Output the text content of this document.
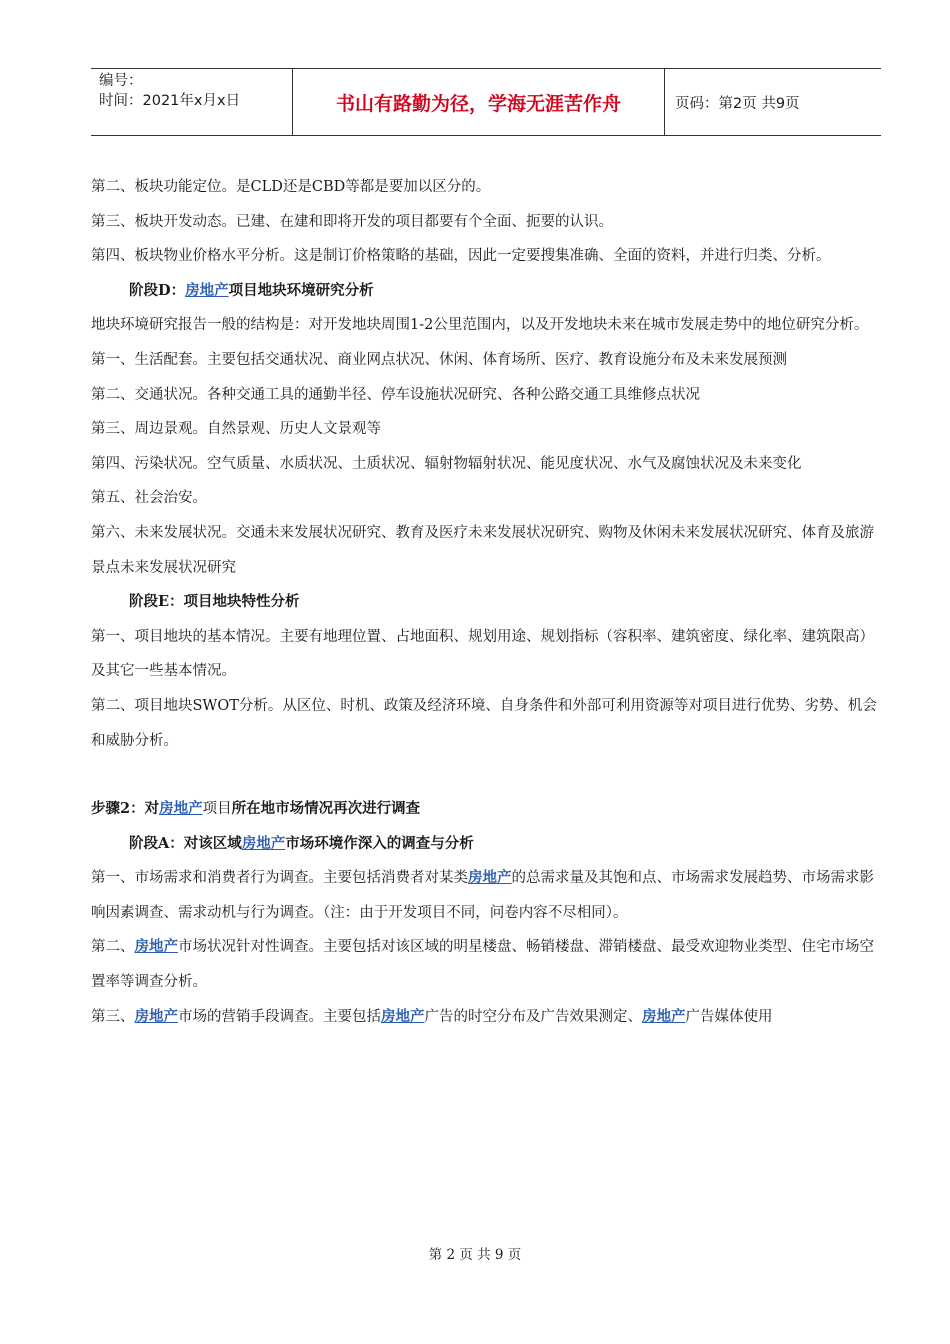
编号：
时间：2021年x月x日	书山有路勤为径，学海无涯苦作舟	页码：第2页 共9页

第二、板块功能定位。是CLD还是CBD等都是要加以区分的。

第三、板块开发动态。已建、在建和即将开发的项目都要有个全面、扼要的认识。

第四、板块物业价格水平分析。这是制订价格策略的基础，因此一定要搜集准确、全面的资料，并进行归类、分析。

阶段D：房地产项目地块环境研究分析

地块环境研究报告一般的结构是：对开发地块周围1-2公里范围内，以及开发地块未来在城市发展走势中的地位研究分析。

第一、生活配套。主要包括交通状况、商业网点状况、休闲、体育场所、医疗、教育设施分布及未来发展预测

第二、交通状况。各种交通工具的通勤半径、停车设施状况研究、各种公路交通工具维修点状况

第三、周边景观。自然景观、历史人文景观等

第四、污染状况。空气质量、水质状况、土质状况、辐射物辐射状况、能见度状况、水气及腐蚀状况及未来变化

第五、社会治安。

第六、未来发展状况。交通未来发展状况研究、教育及医疗未来发展状况研究、购物及休闲未来发展状况研究、体育及旅游景点未来发展状况研究

阶段E：项目地块特性分析

第一、项目地块的基本情况。主要有地理位置、占地面积、规划用途、规划指标（容积率、建筑密度、绿化率、建筑限高）及其它一些基本情况。

第二、项目地块SWOT分析。从区位、时机、政策及经济环境、自身条件和外部可利用资源等对项目进行优势、劣势、机会和威胁分析。

步骤2：对房地产项目所在地市场情况再次进行调查
阶段A：对该区域房地产市场环境作深入的调查与分析

第一、市场需求和消费者行为调查。主要包括消费者对某类房地产的总需求量及其饱和点、市场需求发展趋势、市场需求影响因素调查、需求动机与行为调查。（注：由于开发项目不同，问卷内容不尽相同）。

第二、房地产市场状况针对性调查。主要包括对该区域的明星楼盘、畅销楼盘、滞销楼盘、最受欢迎物业类型、住宅市场空置率等调查分析。

第三、房地产市场的营销手段调查。主要包括房地产广告的时空分布及广告效果测定、房地产广告媒体使用

第 2 页 共 9 页
